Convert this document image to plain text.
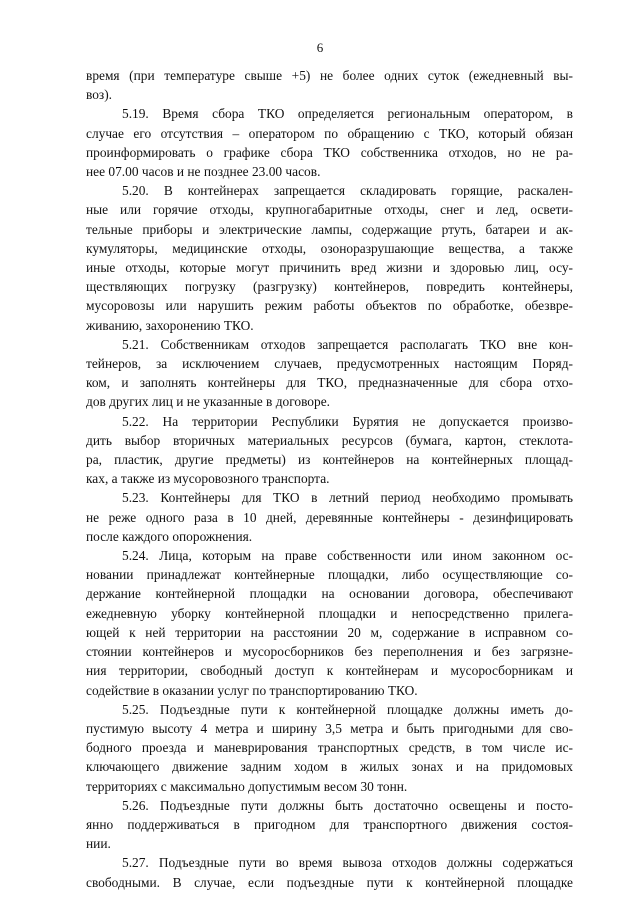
6
время (при температуре свыше +5) не более одних суток (ежедневный вы-
воз).
5.19. Время сбора ТКО определяется региональным оператором, в
случае его отсутствия – оператором по обращению с ТКО, который обязан
проинформировать о графике сбора ТКО собственника отходов, но не ра-
нее 07.00 часов и не позднее 23.00 часов.
5.20. В контейнерах запрещается складировать горящие, раскален-
ные или горячие отходы, крупногабаритные отходы, снег и лед, освети-
тельные приборы и электрические лампы, содержащие ртуть, батареи и ак-
кумуляторы, медицинские отходы, озоноразрушающие вещества, а также
иные отходы, которые могут причинить вред жизни и здоровью лиц, осу-
ществляющих погрузку (разгрузку) контейнеров, повредить контейнеры,
мусоровозы или нарушить режим работы объектов по обработке, обезвре-
живанию, захоронению ТКО.
5.21. Собственникам отходов запрещается располагать ТКО вне кон-
тейнеров, за исключением случаев, предусмотренных настоящим Поряд-
ком, и заполнять контейнеры для ТКО, предназначенные для сбора отхо-
дов других лиц и не указанные в договоре.
5.22. На территории Республики Бурятия не допускается произво-
дить выбор вторичных материальных ресурсов (бумага, картон, стеклота-
ра, пластик, другие предметы) из контейнеров на контейнерных площад-
ках, а также из мусоровозного транспорта.
5.23. Контейнеры для ТКО в летний период необходимо промывать
не реже одного раза в 10 дней, деревянные контейнеры - дезинфицировать
после каждого опорожнения.
5.24. Лица, которым на праве собственности или ином законном ос-
новании принадлежат контейнерные площадки, либо осуществляющие со-
держание контейнерной площадки на основании договора, обеспечивают
ежедневную уборку контейнерной площадки и непосредственно прилега-
ющей к ней территории на расстоянии 20 м, содержание в исправном со-
стоянии контейнеров и мусоросборников без переполнения и без загрязне-
ния территории, свободный доступ к контейнерам и мусоросборникам и
содействие в оказании услуг по транспортированию ТКО.
5.25. Подъездные пути к контейнерной площадке должны иметь до-
пустимую высоту 4 метра и ширину 3,5 метра и быть пригодными для сво-
бодного проезда и маневрирования транспортных средств, в том числе ис-
ключающего движение задним ходом в жилых зонах и на придомовых
территориях с максимально допустимым весом 30 тонн.
5.26. Подъездные пути должны быть достаточно освещены и посто-
янно поддерживаться в пригодном для транспортного движения состоя-
нии.
5.27. Подъездные пути во время вывоза отходов должны содержаться
свободными. В случае, если подъездные пути к контейнерной площадке
